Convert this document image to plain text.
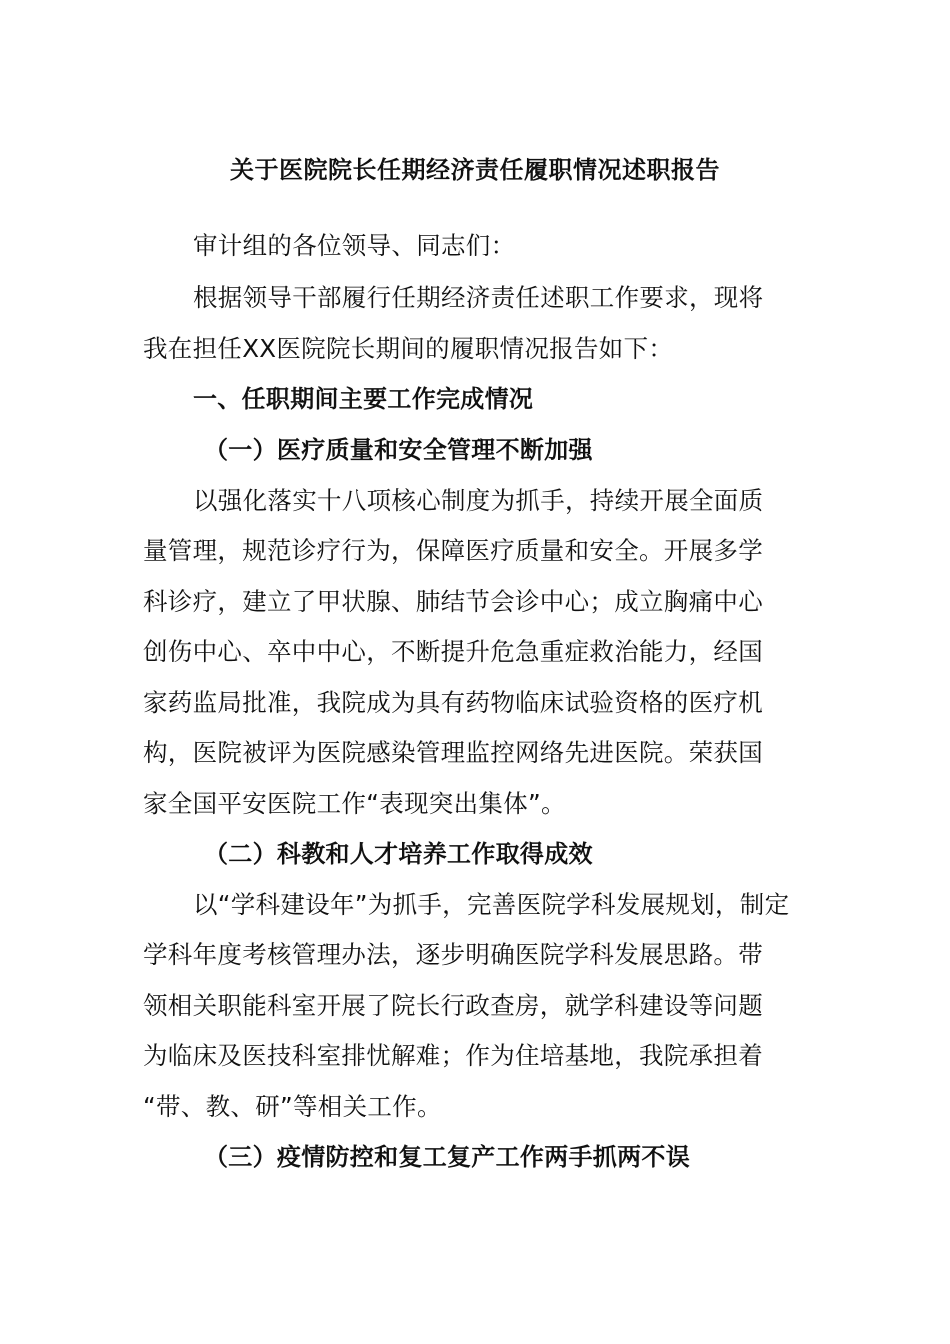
关于医院院长任期经济责任履职情况述职报告
审计组的各位领导、同志们：
根据领导干部履行任期经济责任述职工作要求，现将
我在担任XX医院院长期间的履职情况报告如下：
一、任职期间主要工作完成情况
（一）医疗质量和安全管理不断加强
以强化落实十八项核心制度为抓手，持续开展全面质
量管理，规范诊疗行为，保障医疗质量和安全。开展多学
科诊疗，建立了甲状腺、肺结节会诊中心；成立胸痛中心
创伤中心、卒中中心，不断提升危急重症救治能力，经国
家药监局批准，我院成为具有药物临床试验资格的医疗机
构，医院被评为医院感染管理监控网络先进医院。荣获国
家全国平安医院工作“表现突出集体”。
（二）科教和人才培养工作取得成效
以“学科建设年”为抓手，完善医院学科发展规划，制定
学科年度考核管理办法，逐步明确医院学科发展思路。带
领相关职能科室开展了院长行政查房，就学科建设等问题
为临床及医技科室排忧解难；作为住培基地，我院承担着
“带、教、研”等相关工作。
（三）疫情防控和复工复产工作两手抓两不误
